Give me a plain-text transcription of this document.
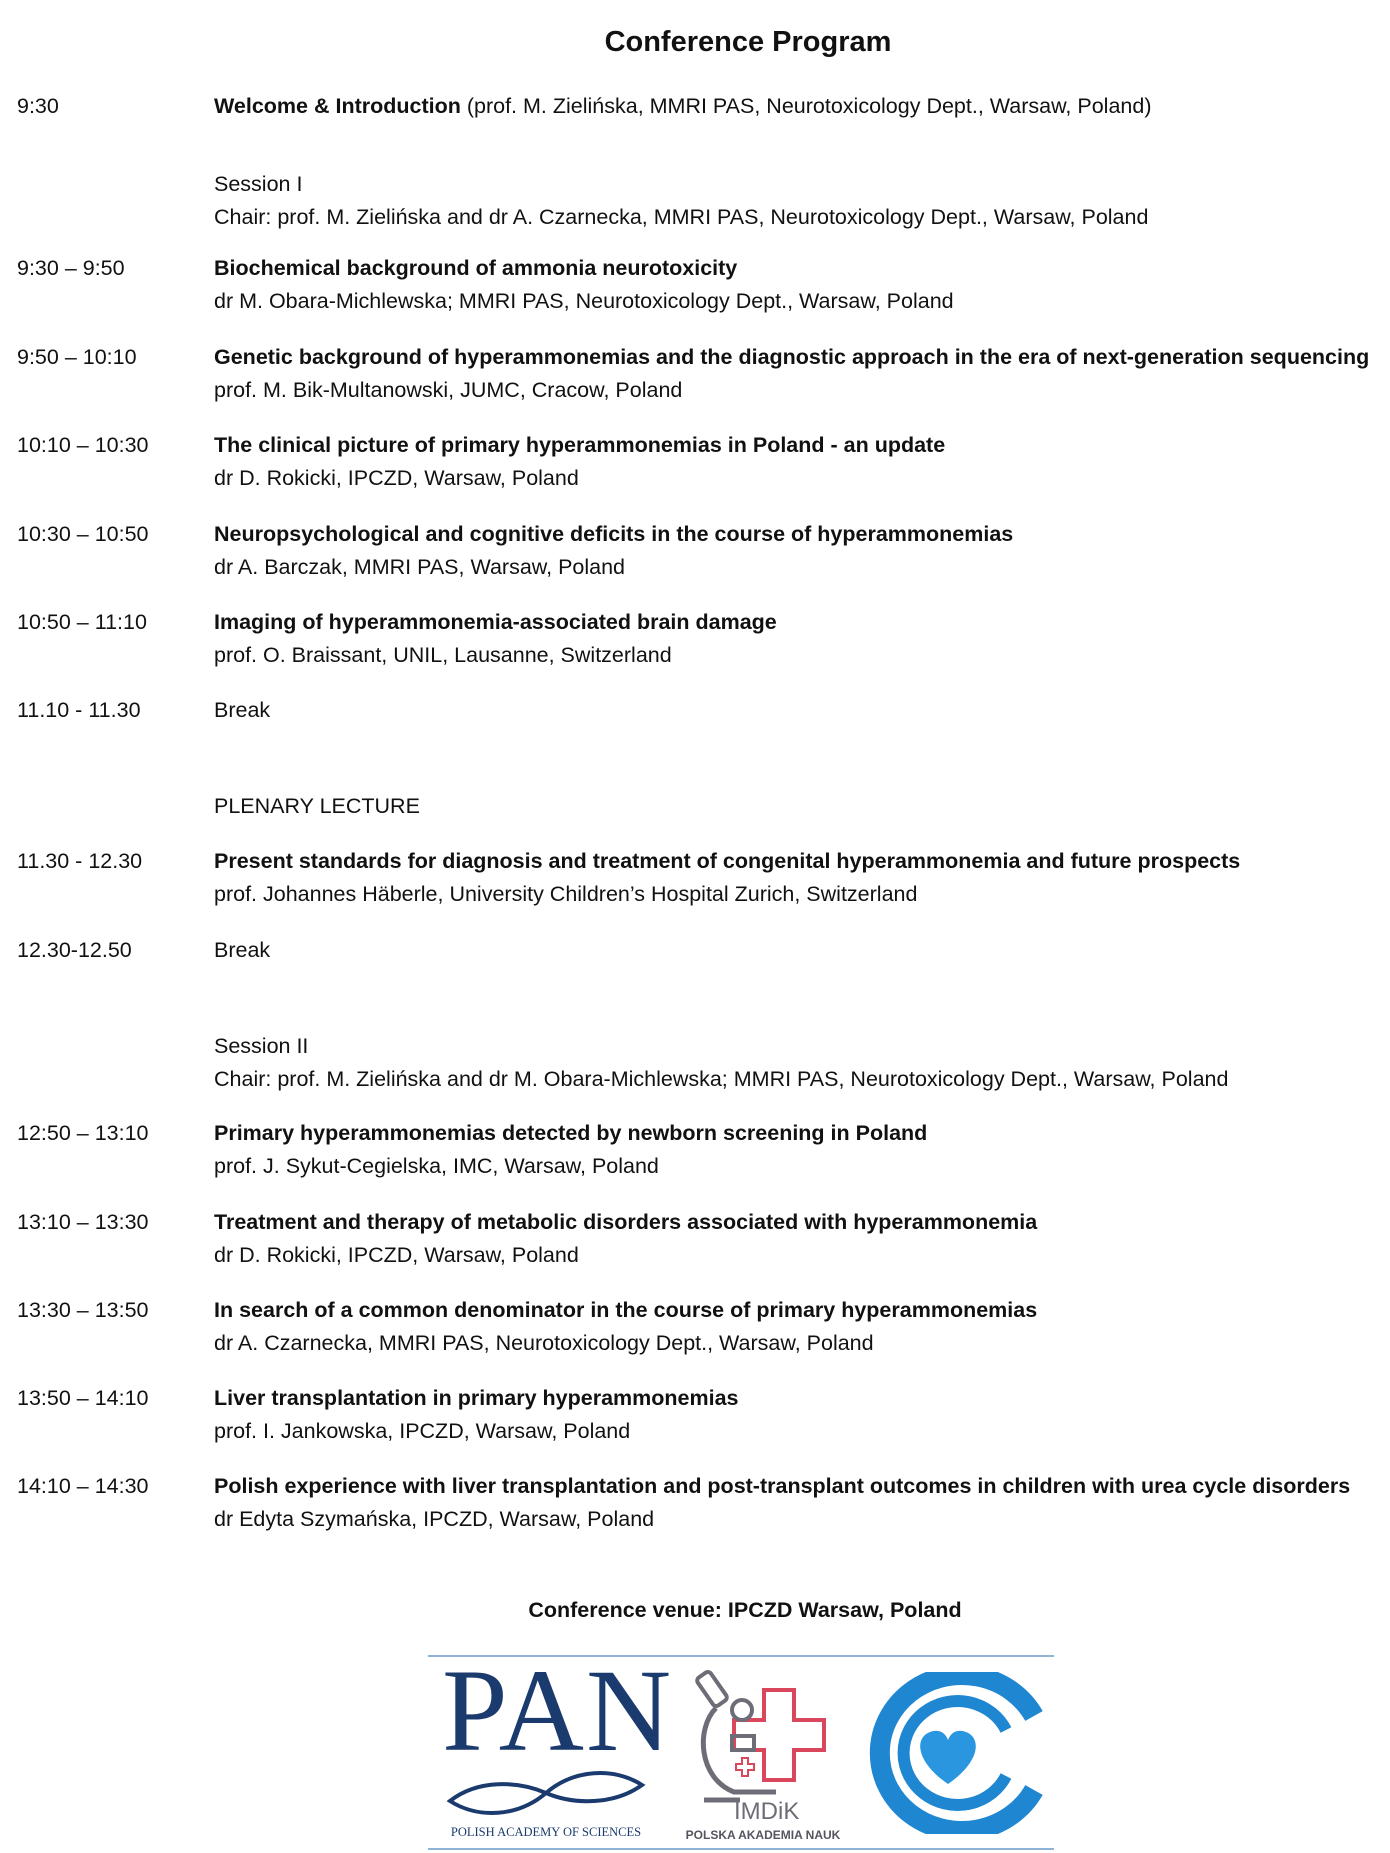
Conference Program
9:30	Welcome & Introduction (prof. M. Zielińska, MMRI PAS, Neurotoxicology Dept., Warsaw, Poland)
Session I
Chair: prof. M. Zielińska and dr A. Czarnecka, MMRI PAS, Neurotoxicology Dept., Warsaw, Poland
9:30 – 9:50	Biochemical background of ammonia neurotoxicity
dr M. Obara-Michlewska; MMRI PAS, Neurotoxicology Dept., Warsaw, Poland
9:50 – 10:10	Genetic background of hyperammonemias and the diagnostic approach in the era of next-generation sequencing
prof. M. Bik-Multanowski, JUMC, Cracow, Poland
10:10 – 10:30	The clinical picture of primary hyperammonemias in Poland - an update
dr D. Rokicki, IPCZD, Warsaw, Poland
10:30 – 10:50	Neuropsychological and cognitive deficits in the course of hyperammonemias
dr A. Barczak, MMRI PAS, Warsaw, Poland
10:50 – 11:10	Imaging of hyperammonemia-associated brain damage
prof. O. Braissant, UNIL, Lausanne, Switzerland
11.10 - 11.30	Break
PLENARY LECTURE
11.30 - 12.30	Present standards for diagnosis and treatment of congenital hyperammonemia and future prospects
prof. Johannes Häberle, University Children’s Hospital Zurich, Switzerland
12.30-12.50	Break
Session II
Chair: prof. M. Zielińska and dr M. Obara-Michlewska; MMRI PAS, Neurotoxicology Dept., Warsaw, Poland
12:50 – 13:10	Primary hyperammonemias detected by newborn screening in Poland
prof. J. Sykut-Cegielska, IMC, Warsaw, Poland
13:10 – 13:30	Treatment and therapy of metabolic disorders associated with hyperammonemia
dr D. Rokicki, IPCZD, Warsaw, Poland
13:30 – 13:50	In search of a common denominator in the course of primary hyperammonemias
dr A. Czarnecka, MMRI PAS, Neurotoxicology Dept., Warsaw, Poland
13:50 – 14:10	Liver transplantation in primary hyperammonemias
prof. I. Jankowska, IPCZD, Warsaw, Poland
14:10 – 14:30	Polish experience with liver transplantation and post-transplant outcomes in children with urea cycle disorders
dr Edyta Szymańska, IPCZD, Warsaw, Poland
Conference venue: IPCZD Warsaw, Poland
PAN
POLISH ACADEMY OF SCIENCES
IMDiK
POLSKA AKADEMIA NAUK
